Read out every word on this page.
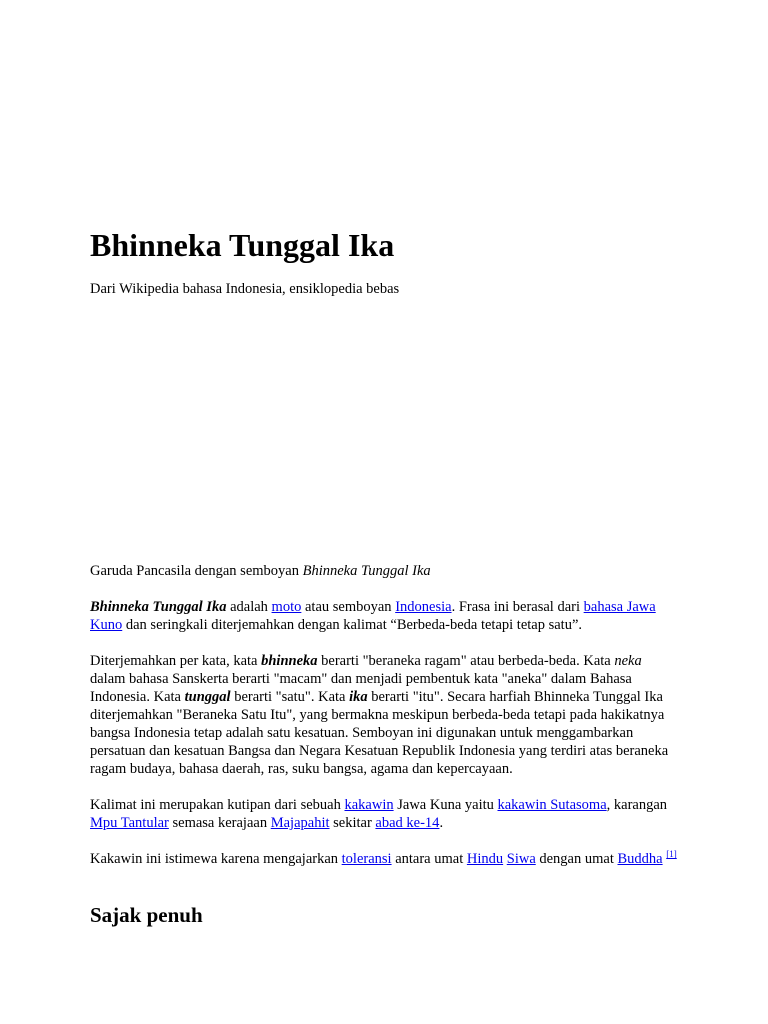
Bhinneka Tunggal Ika

Dari Wikipedia bahasa Indonesia, ensiklopedia bebas

Garuda Pancasila dengan semboyan Bhinneka Tunggal Ika

Bhinneka Tunggal Ika adalah moto atau semboyan Indonesia. Frasa ini berasal dari bahasa Jawa Kuno dan seringkali diterjemahkan dengan kalimat “Berbeda-beda tetapi tetap satu”.

Diterjemahkan per kata, kata bhinneka berarti "beraneka ragam" atau berbeda-beda. Kata neka dalam bahasa Sanskerta berarti "macam" dan menjadi pembentuk kata "aneka" dalam Bahasa Indonesia. Kata tunggal berarti "satu". Kata ika berarti "itu". Secara harfiah Bhinneka Tunggal Ika diterjemahkan "Beraneka Satu Itu", yang bermakna meskipun berbeda-beda tetapi pada hakikatnya bangsa Indonesia tetap adalah satu kesatuan. Semboyan ini digunakan untuk menggambarkan persatuan dan kesatuan Bangsa dan Negara Kesatuan Republik Indonesia yang terdiri atas beraneka ragam budaya, bahasa daerah, ras, suku bangsa, agama dan kepercayaan.

Kalimat ini merupakan kutipan dari sebuah kakawin Jawa Kuna yaitu kakawin Sutasoma, karangan Mpu Tantular semasa kerajaan Majapahit sekitar abad ke-14.

Kakawin ini istimewa karena mengajarkan toleransi antara umat Hindu Siwa dengan umat Buddha [1]

Sajak penuh
